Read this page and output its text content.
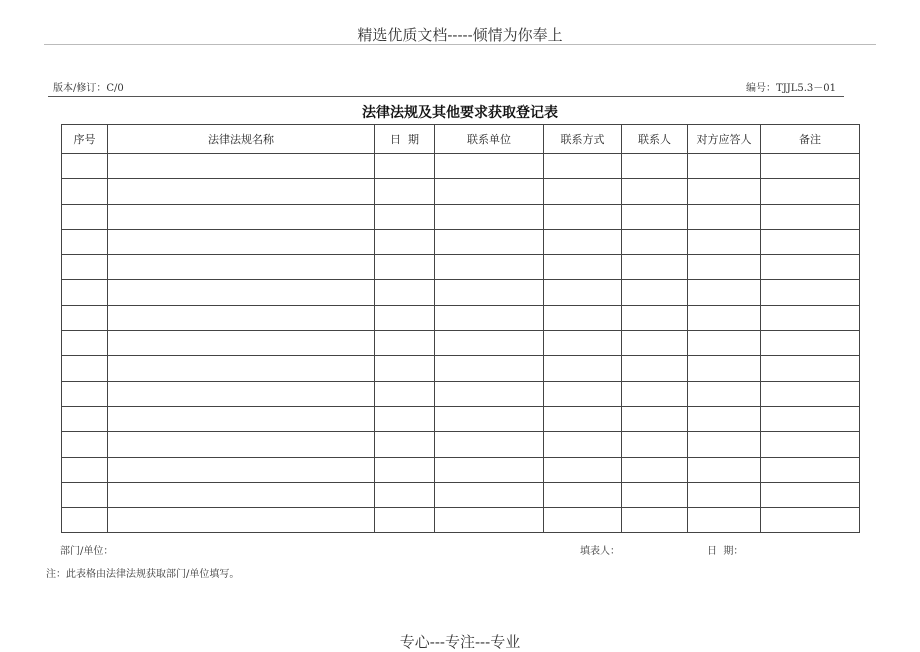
精选优质文档-----倾情为你奉上
版本/修订：C/0	编号：TJJL5.3－01
法律法规及其他要求获取登记表
序号	法律法规名称	日  期	联系单位	联系方式	联系人	对方应答人	备注

部门/单位：	填表人：	日  期：
注：此表格由法律法规获取部门/单位填写。
专心---专注---专业
